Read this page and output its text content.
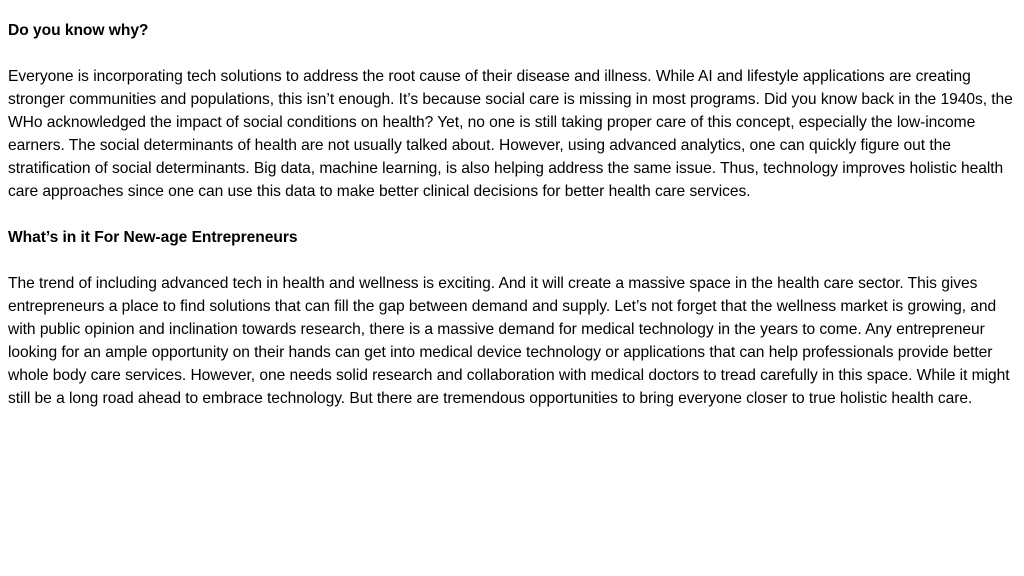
Do you know why?

Everyone is incorporating tech solutions to address the root cause of their disease and illness. While AI and lifestyle applications are creating stronger communities and populations, this isn’t enough. It’s because social care is missing in most programs. Did you know back in the 1940s, the WHo acknowledged the impact of social conditions on health? Yet, no one is still taking proper care of this concept, especially the low-income earners. The social determinants of health are not usually talked about. However, using advanced analytics, one can quickly figure out the stratification of social determinants. Big data, machine learning, is also helping address the same issue. Thus, technology improves holistic health care approaches since one can use this data to make better clinical decisions for better health care services.

What’s in it For New-age Entrepreneurs

The trend of including advanced tech in health and wellness is exciting. And it will create a massive space in the health care sector. This gives entrepreneurs a place to find solutions that can fill the gap between demand and supply. Let’s not forget that the wellness market is growing, and with public opinion and inclination towards research, there is a massive demand for medical technology in the years to come. Any entrepreneur looking for an ample opportunity on their hands can get into medical device technology or applications that can help professionals provide better whole body care services. However, one needs solid research and collaboration with medical doctors to tread carefully in this space. While it might still be a long road ahead to embrace technology. But there are tremendous opportunities to bring everyone closer to true holistic health care.
